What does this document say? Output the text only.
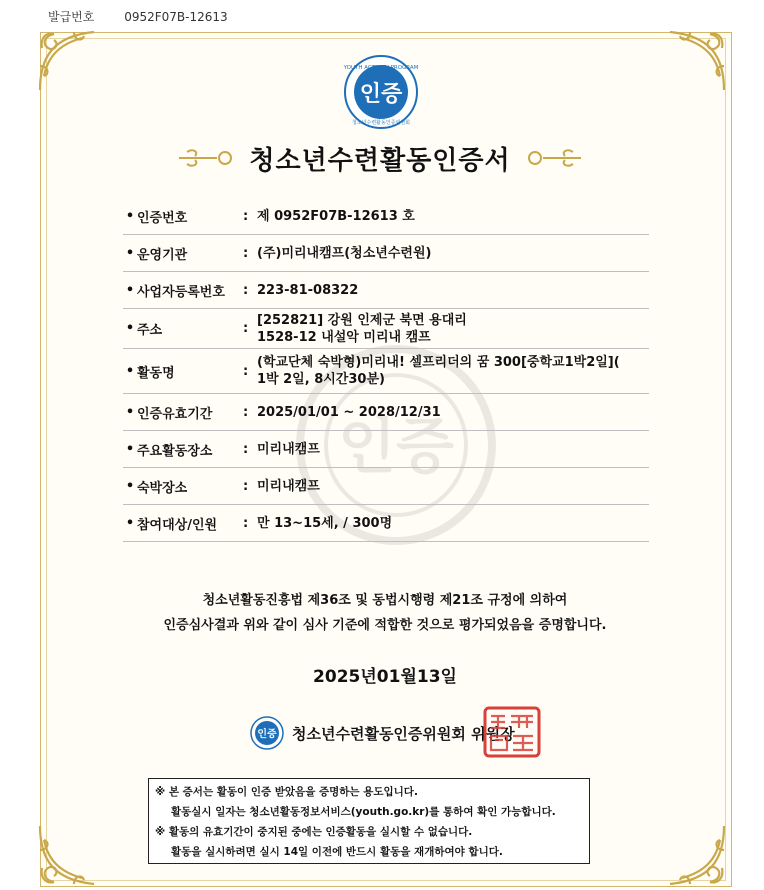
발급번호 0952F07B-12613
인증
YOUTH ACTIVITY PROGRAM
청소년수련활동인증위원회
인증
청소년수련활동인증서
• 인증번호	: 제 0952F07B-12613 호
• 운영기관	: (주)미리내캠프(청소년수련원)
• 사업자등록번호	: 223-81-08322
• 주소	:
[252821] 강원 인제군 북면 용대리
1528-12 내설악 미리내 캠프
• 활동명	:
(학교단체 숙박형)미리내! 셀프리더의 꿈 300[중학교1박2일](
1박 2일, 8시간30분)
• 인증유효기간	: 2025/01/01 ~ 2028/12/31
• 주요활동장소	: 미리내캠프
• 숙박장소	: 미리내캠프
• 참여대상/인원	: 만 13~15세, / 300명
청소년활동진흥법 제36조 및 동법시행령 제21조 규정에 의하여
인증심사결과 위와 같이 심사 기준에 적합한 것으로 평가되었음을 증명합니다.
2025년01월13일
인증 청소년수련활동인증위원회 위원장
※ 본 증서는 활동이 인증 받았음을 증명하는 용도입니다.
활동실시 일자는 청소년활동정보서비스(youth.go.kr)를 통하여 확인 가능합니다.
※ 활동의 유효기간이 중지된 중에는 인증활동을 실시할 수 없습니다.
활동을 실시하려면 실시 14일 이전에 반드시 활동을 재개하여야 합니다.
